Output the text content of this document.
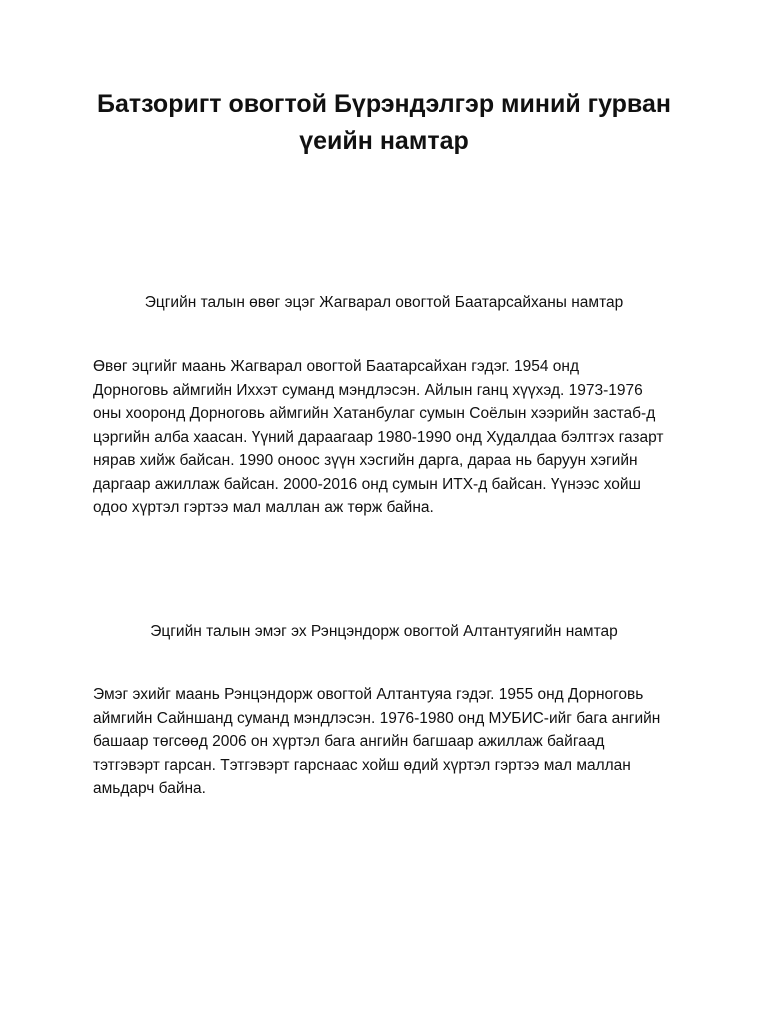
Батзоригт овогтой Бүрэндэлгэр миний гурван
үеийн намтар
Эцгийн талын өвөг эцэг Жагварал овогтой Баатарсайханы намтар

Өвөг эцгийг маань Жагварал овогтой Баатарсайхан гэдэг. 1954 онд
Дорноговь аймгийн Иххэт суманд мэндлэсэн. Айлын ганц хүүхэд. 1973-1976
оны хооронд Дорноговь аймгийн Хатанбулаг сумын Соёлын хээрийн застаб-д
цэргийн алба хаасан. Үүний дараагаар 1980-1990 онд Худалдаа бэлтгэх газарт
нярав хийж байсан. 1990 оноос зүүн хэсгийн дарга, дараа нь баруун хэгийн
даргаар ажиллаж байсан. 2000-2016 онд сумын ИТХ-д байсан. Үүнээс хойш
одоо хүртэл гэртээ мал маллан аж төрж байна.

Эцгийн талын эмэг эх Рэнцэндорж овогтой Алтантуягийн намтар

Эмэг эхийг маань Рэнцэндорж овогтой Алтантуяа гэдэг. 1955 онд Дорноговь
аймгийн Сайншанд суманд мэндлэсэн. 1976-1980 онд МУБИС-ийг бага ангийн
башаар төгсөөд 2006 он хүртэл бага ангийн багшаар ажиллаж байгаад
тэтгэвэрт гарсан. Тэтгэвэрт гарснаас хойш өдий хүртэл гэртээ мал маллан
амьдарч байна.
